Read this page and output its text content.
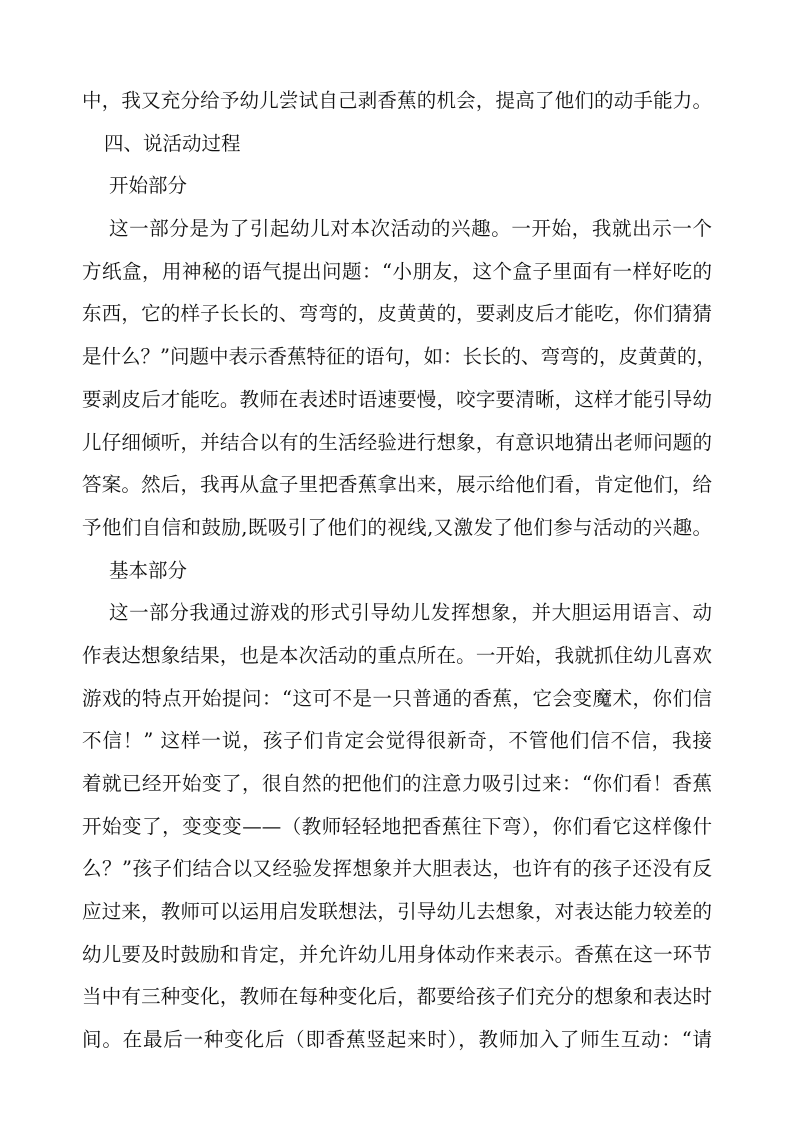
中，我又充分给予幼儿尝试自己剥香蕉的机会，提高了他们的动手能力。
四、说活动过程
开始部分
这一部分是为了引起幼儿对本次活动的兴趣。一开始，我就出示一个
方纸盒，用神秘的语气提出问题：“小朋友，这个盒子里面有一样好吃的
东西，它的样子长长的、弯弯的，皮黄黄的，要剥皮后才能吃，你们猜猜
是什么？”问题中表示香蕉特征的语句，如：长长的、弯弯的，皮黄黄的，
要剥皮后才能吃。教师在表述时语速要慢，咬字要清晰，这样才能引导幼
儿仔细倾听，并结合以有的生活经验进行想象，有意识地猜出老师问题的
答案。然后，我再从盒子里把香蕉拿出来，展示给他们看，肯定他们，给
予他们自信和鼓励,既吸引了他们的视线,又激发了他们参与活动的兴趣。
基本部分
这一部分我通过游戏的形式引导幼儿发挥想象，并大胆运用语言、动
作表达想象结果，也是本次活动的重点所在。一开始，我就抓住幼儿喜欢
游戏的特点开始提问：“这可不是一只普通的香蕉，它会变魔术，你们信
不信！” 这样一说，孩子们肯定会觉得很新奇，不管他们信不信，我接
着就已经开始变了，很自然的把他们的注意力吸引过来：“你们看！香蕉
开始变了，变变变——（教师轻轻地把香蕉往下弯），你们看它这样像什
么？”孩子们结合以又经验发挥想象并大胆表达，也许有的孩子还没有反
应过来，教师可以运用启发联想法，引导幼儿去想象，对表达能力较差的
幼儿要及时鼓励和肯定，并允许幼儿用身体动作来表示。香蕉在这一环节
当中有三种变化，教师在每种变化后，都要给孩子们充分的想象和表达时
间。在最后一种变化后（即香蕉竖起来时），教师加入了师生互动：“请
